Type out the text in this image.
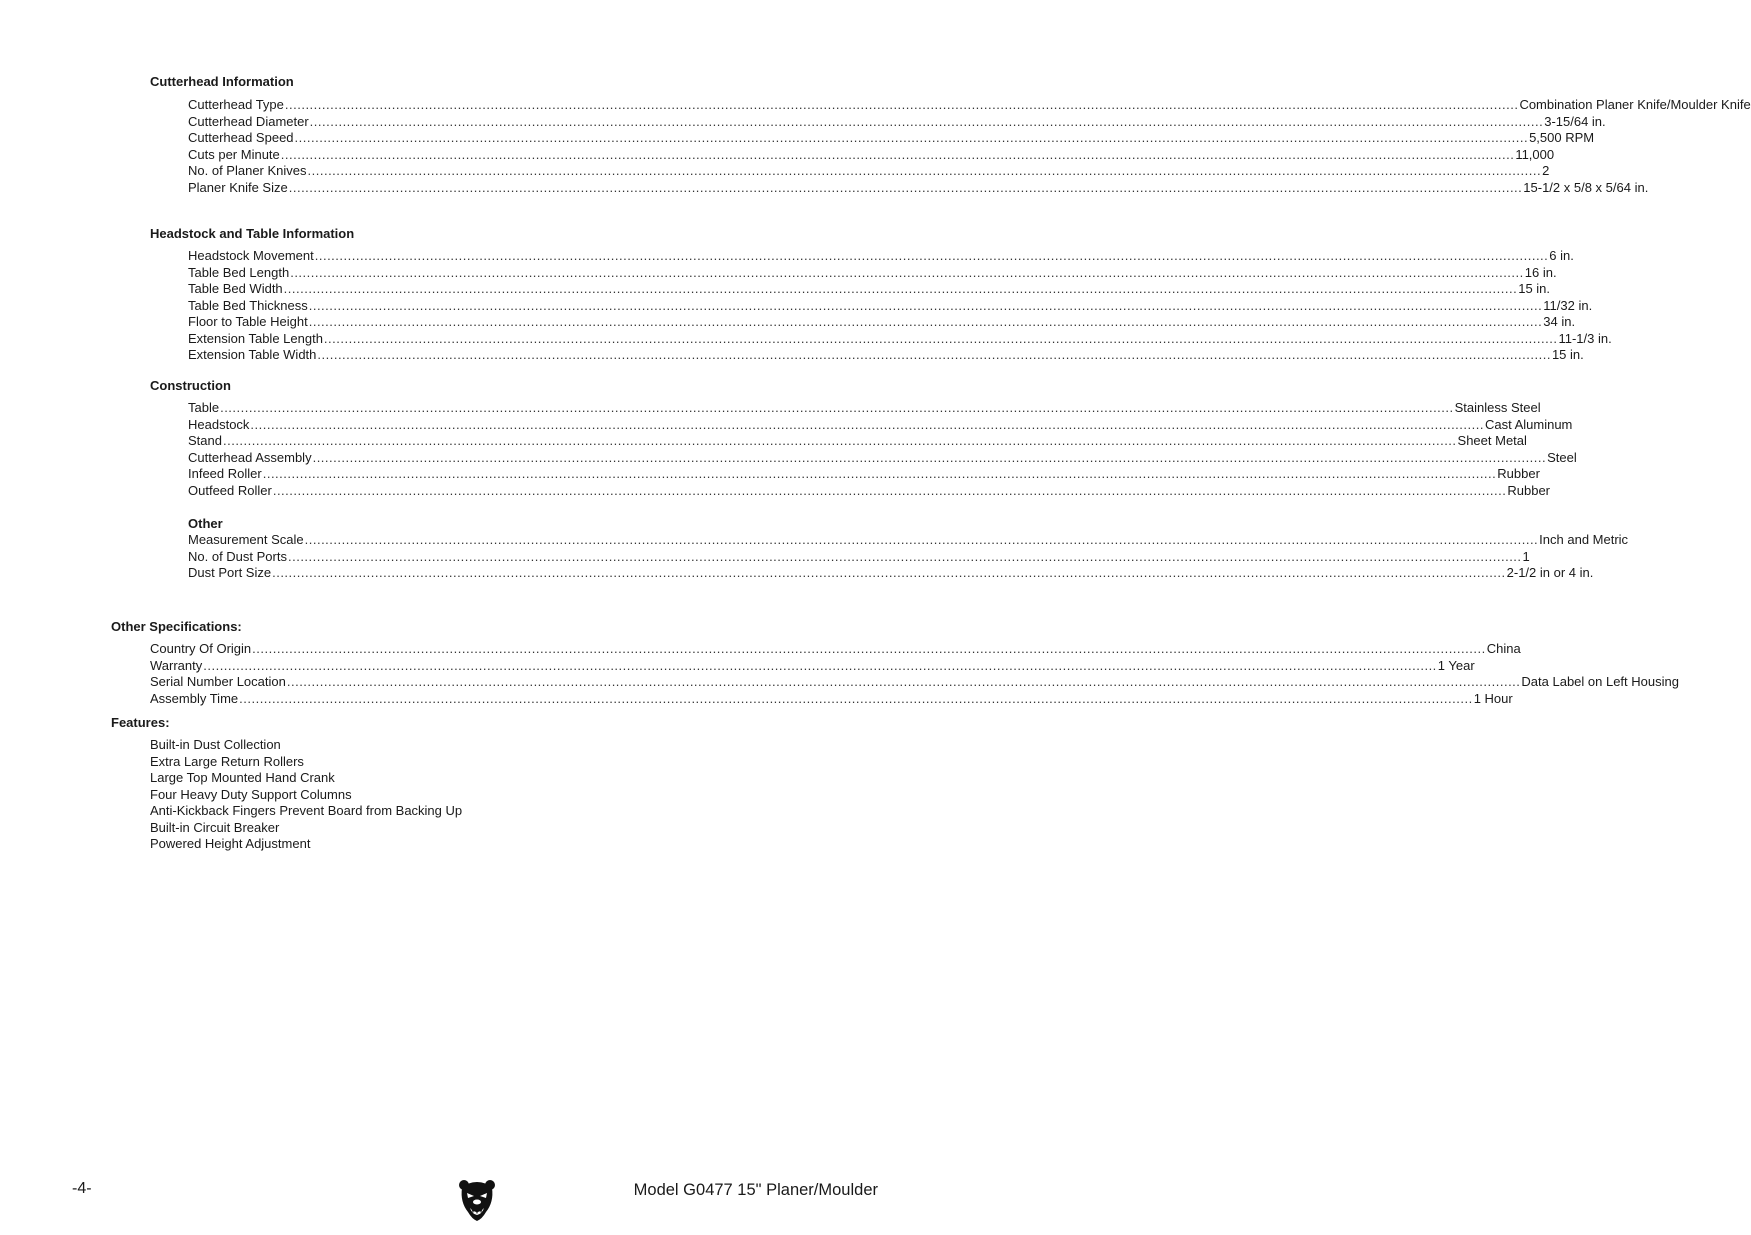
Cutterhead Information
Cutterhead Type ............................................................................................................................................................................................................................................................................................................ Combination Planer Knife/Moulder Knife
Cutterhead Diameter ............................................................................................................................................................................................................................................................................................................ 3-15/64 in.
Cutterhead Speed ............................................................................................................................................................................................................................................................................................................ 5,500 RPM
Cuts per Minute ............................................................................................................................................................................................................................................................................................................ 11,000
No. of Planer Knives ............................................................................................................................................................................................................................................................................................................ 2
Planer Knife Size ............................................................................................................................................................................................................................................................................................................ 15-1/2 x 5/8 x 5/64 in.
Headstock and Table Information
Headstock Movement ............................................................................................................................................................................................................................................................................................................ 6 in.
Table Bed Length ............................................................................................................................................................................................................................................................................................................ 16 in.
Table Bed Width ............................................................................................................................................................................................................................................................................................................ 15 in.
Table Bed Thickness ............................................................................................................................................................................................................................................................................................................ 11/32 in.
Floor to Table Height ............................................................................................................................................................................................................................................................................................................ 34 in.
Extension Table Length ............................................................................................................................................................................................................................................................................................................ 11-1/3 in.
Extension Table Width ............................................................................................................................................................................................................................................................................................................ 15 in.
Construction
Table ............................................................................................................................................................................................................................................................................................................ Stainless Steel
Headstock ............................................................................................................................................................................................................................................................................................................ Cast Aluminum
Stand ............................................................................................................................................................................................................................................................................................................ Sheet Metal
Cutterhead Assembly ............................................................................................................................................................................................................................................................................................................ Steel
Infeed Roller ............................................................................................................................................................................................................................................................................................................ Rubber
Outfeed Roller ............................................................................................................................................................................................................................................................................................................ Rubber
Other
Measurement Scale ............................................................................................................................................................................................................................................................................................................ Inch and Metric
No. of Dust Ports ............................................................................................................................................................................................................................................................................................................ 1
Dust Port Size ............................................................................................................................................................................................................................................................................................................ 2-1/2 in or 4 in.
Other Specifications:
Country Of Origin ............................................................................................................................................................................................................................................................................................................ China
Warranty ............................................................................................................................................................................................................................................................................................................ 1 Year
Serial Number Location ............................................................................................................................................................................................................................................................................................................ Data Label on Left Housing
Assembly Time ............................................................................................................................................................................................................................................................................................................ 1 Hour
Features:
Built-in Dust Collection
Extra Large Return Rollers
Large Top Mounted Hand Crank
Four Heavy Duty Support Columns
Anti-Kickback Fingers Prevent Board from Backing Up
Built-in Circuit Breaker
Powered Height Adjustment
-4-	Model G0477 15" Planer/Moulder
